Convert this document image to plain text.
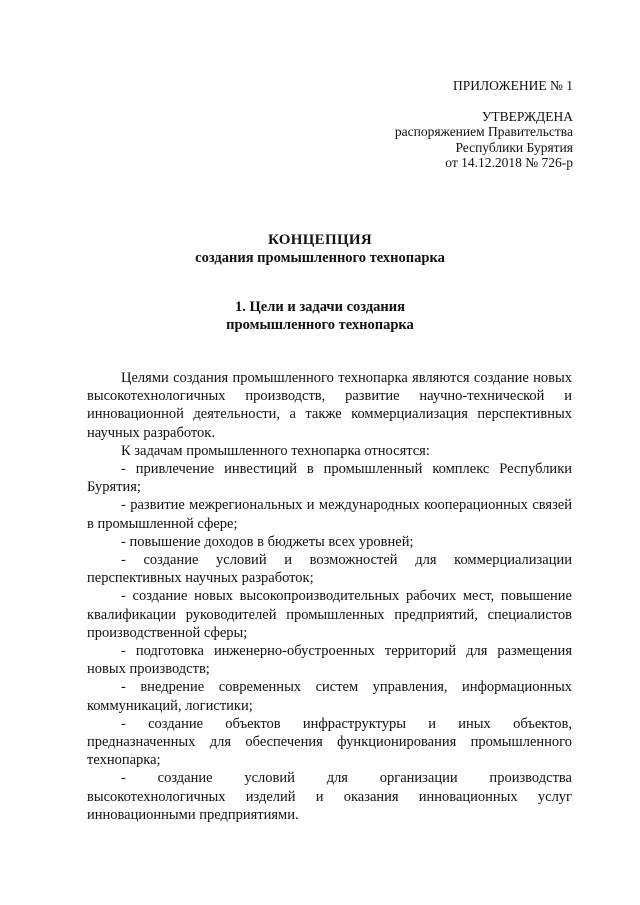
ПРИЛОЖЕНИЕ № 1
УТВЕРЖДЕНА
распоряжением Правительства
Республики Бурятия
от 14.12.2018 № 726-р
КОНЦЕПЦИЯ
создания промышленного технопарка
1. Цели и задачи создания
промышленного технопарка

Целями создания промышленного технопарка являются создание новых высокотехнологичных производств, развитие научно-технической и инновационной деятельности, а также коммерциализация перспективных научных разработок.

К задачам промышленного технопарка относятся:

- привлечение инвестиций в промышленный комплекс Республики Бурятия;

- развитие межрегиональных и международных кооперационных связей в промышленной сфере;

- повышение доходов в бюджеты всех уровней;

- создание условий и возможностей для коммерциализации перспективных научных разработок;

- создание новых высокопроизводительных рабочих мест, повышение квалификации руководителей промышленных предприятий, специалистов производственной сферы;

- подготовка инженерно-обустроенных территорий для размещения новых производств;

- внедрение современных систем управления, информационных коммуникаций, логистики;

- создание объектов инфраструктуры и иных объектов, предназначенных для обеспечения функционирования промышленного технопарка;

- создание условий для организации производства высокотехнологичных изделий и оказания инновационных услуг инновационными предприятиями.
